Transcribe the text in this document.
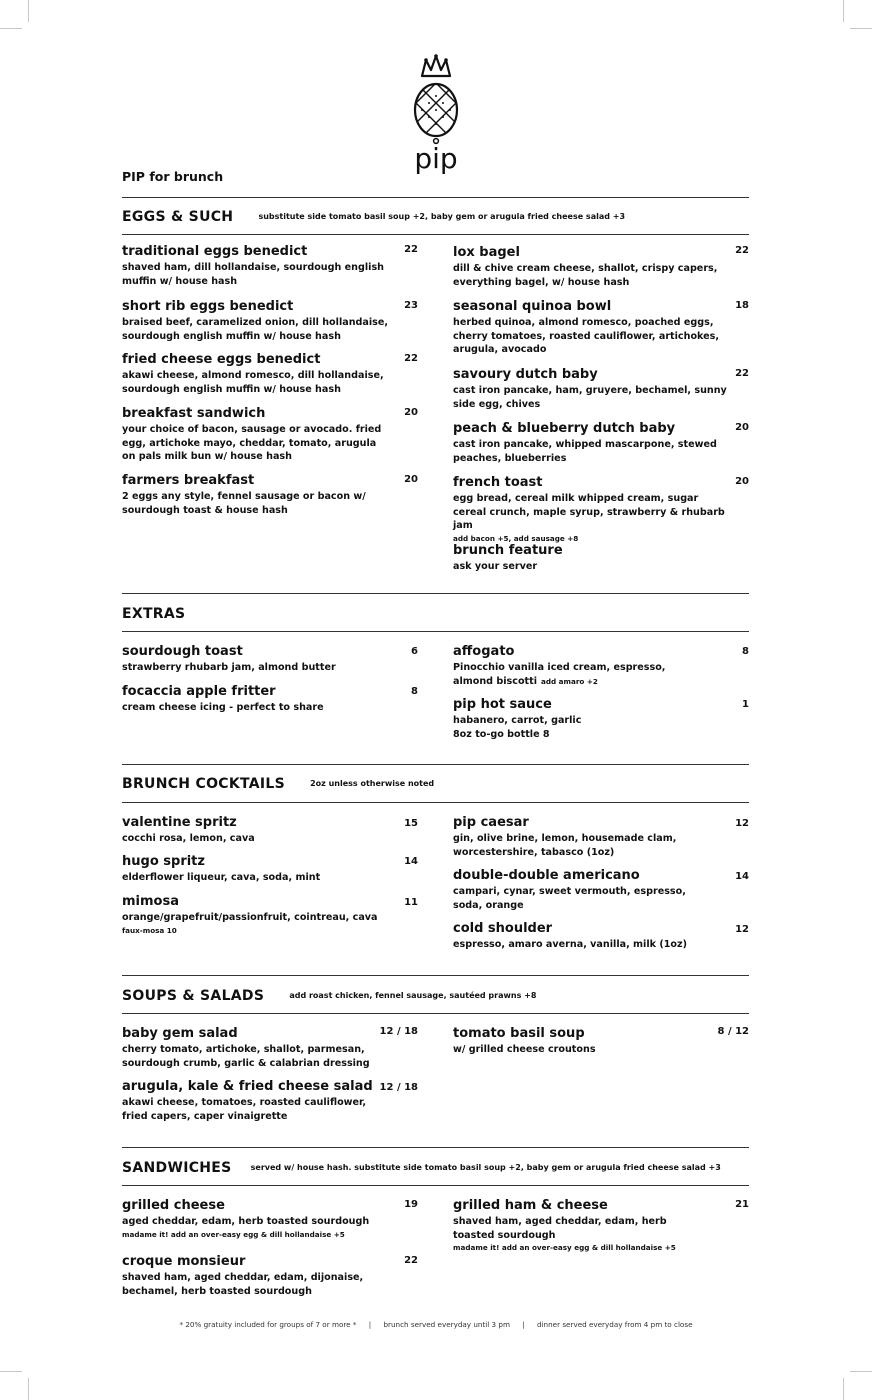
pip
PIP for brunch
EGGS & SUCH	substitute side tomato basil soup +2, baby gem or arugula fried cheese salad +3
traditional eggs benedict
shaved ham, dill hollandaise, sourdough english muffin w/ house hash
22
short rib eggs benedict
braised beef, caramelized onion, dill hollandaise, sourdough english muffin w/ house hash
23
fried cheese eggs benedict
akawi cheese, almond romesco, dill hollandaise, sourdough english muffin w/ house hash
22
breakfast sandwich
your choice of bacon, sausage or avocado. fried egg, artichoke mayo, cheddar, tomato, arugula on pals milk bun w/ house hash
20
farmers breakfast
2 eggs any style, fennel sausage or bacon w/ sourdough toast & house hash
20
lox bagel
dill & chive cream cheese, shallot, crispy capers, everything bagel, w/ house hash
22
seasonal quinoa bowl
herbed quinoa, almond romesco, poached eggs, cherry tomatoes, roasted cauliflower, artichokes, arugula, avocado
18
savoury dutch baby
cast iron pancake, ham, gruyere, bechamel, sunny side egg, chives
22
peach & blueberry dutch baby
cast iron pancake, whipped mascarpone, stewed peaches, blueberries
20
french toast
egg bread, cereal milk whipped cream, sugar cereal crunch, maple syrup, strawberry & rhubarb jam
add bacon +5, add sausage +8
20
brunch feature
ask your server
EXTRAS
sourdough toast
strawberry rhubarb jam, almond butter
6
focaccia apple fritter
cream cheese icing - perfect to share
8
affogato
Pinocchio vanilla iced cream, espresso, almond biscotti add amaro +2
8
pip hot sauce
habanero, carrot, garlic
8oz to-go bottle 8
1
BRUNCH COCKTAILS	2oz unless otherwise noted
valentine spritz
cocchi rosa, lemon, cava
15
hugo spritz
elderflower liqueur, cava, soda, mint
14
mimosa
orange/grapefruit/passionfruit, cointreau, cava
faux-mosa 10
11
pip caesar
gin, olive brine, lemon, housemade clam, worcestershire, tabasco (1oz)
12
double-double americano
campari, cynar, sweet vermouth, espresso, soda, orange
14
cold shoulder
espresso, amaro averna, vanilla, milk (1oz)
12
SOUPS & SALADS	add roast chicken, fennel sausage, sautéed prawns +8
baby gem salad
cherry tomato, artichoke, shallot, parmesan, sourdough crumb, garlic & calabrian dressing
12 / 18
arugula, kale & fried cheese salad
akawi cheese, tomatoes, roasted cauliflower, fried capers, caper vinaigrette
12 / 18
tomato basil soup
w/ grilled cheese croutons
8 / 12
SANDWICHES served w/ house hash. substitute side tomato basil soup +2, baby gem or arugula fried cheese salad +3
grilled cheese
aged cheddar, edam, herb toasted sourdough
madame it! add an over-easy egg & dill hollandaise +5
19
croque monsieur
shaved ham, aged cheddar, edam, dijonaise, bechamel, herb toasted sourdough
22
grilled ham & cheese
shaved ham, aged cheddar, edam, herb toasted sourdough
madame it! add an over-easy egg & dill hollandaise +5
21
* 20% gratuity included for groups of 7 or more * | brunch served everyday until 3 pm | dinner served everyday from 4 pm to close
